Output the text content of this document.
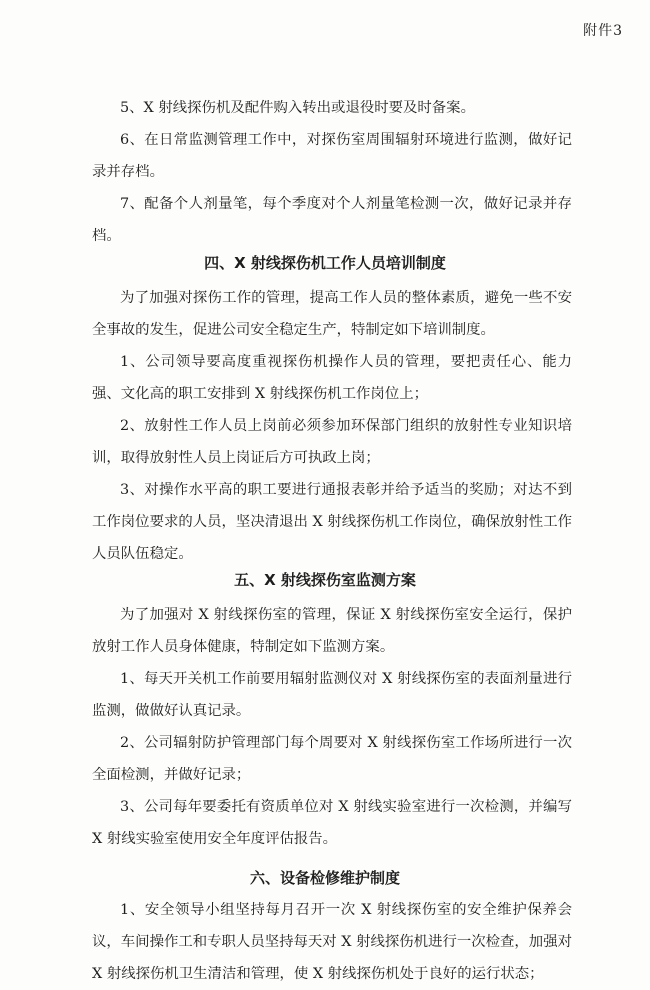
附件3

5、X 射线探伤机及配件购入转出或退役时要及时备案。

6、在日常监测管理工作中，对探伤室周围辐射环境进行监测，做好记录并存档。

7、配备个人剂量笔，每个季度对个人剂量笔检测一次，做好记录并存档。

四、X 射线探伤机工作人员培训制度

为了加强对探伤工作的管理，提高工作人员的整体素质，避免一些不安全事故的发生，促进公司安全稳定生产，特制定如下培训制度。

1、公司领导要高度重视探伤机操作人员的管理，要把责任心、能力强、文化高的职工安排到 X 射线探伤机工作岗位上；

2、放射性工作人员上岗前必须参加环保部门组织的放射性专业知识培训，取得放射性人员上岗证后方可执政上岗；

3、对操作水平高的职工要进行通报表彰并给予适当的奖励；对达不到工作岗位要求的人员，坚决清退出 X 射线探伤机工作岗位，确保放射性工作人员队伍稳定。

五、X 射线探伤室监测方案

为了加强对 X 射线探伤室的管理，保证 X 射线探伤室安全运行，保护放射工作人员身体健康，特制定如下监测方案。

1、每天开关机工作前要用辐射监测仪对 X 射线探伤室的表面剂量进行监测，做做好认真记录。

2、公司辐射防护管理部门每个周要对 X 射线探伤室工作场所进行一次全面检测，并做好记录；

3、公司每年要委托有资质单位对 X 射线实验室进行一次检测，并编写 X 射线实验室使用安全年度评估报告。

六、设备检修维护制度

1、安全领导小组坚持每月召开一次 X 射线探伤室的安全维护保养会议，车间操作工和专职人员坚持每天对 X 射线探伤机进行一次检查，加强对 X 射线探伤机卫生清洁和管理，使 X 射线探伤机处于良好的运行状态；
